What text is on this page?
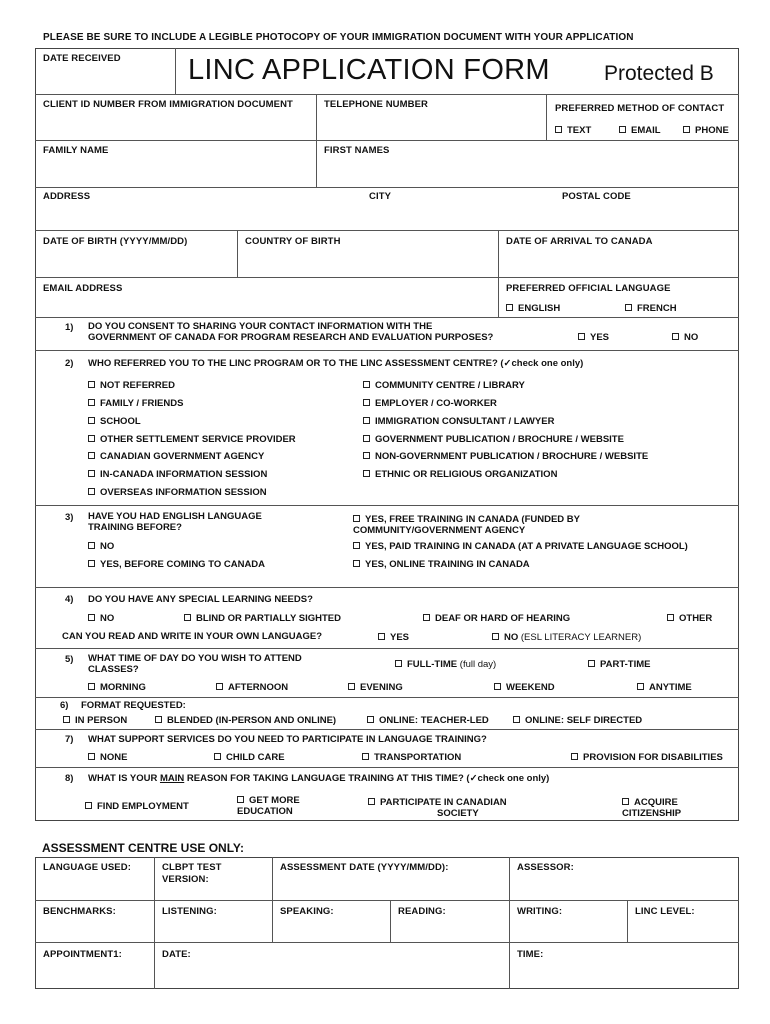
PLEASE BE SURE TO INCLUDE A LEGIBLE PHOTOCOPY OF YOUR IMMIGRATION DOCUMENT WITH YOUR APPLICATION
DATE RECEIVED LINC APPLICATION FORM	Protected B
CLIENT ID NUMBER FROM IMMIGRATION DOCUMENT	TELEPHONE NUMBER	PREFERRED METHOD OF CONTACT
TEXT	EMAIL	PHONE
FAMILY NAME	FIRST NAMES
ADDRESS	CITY	POSTAL CODE
DATE OF BIRTH (YYYY/MM/DD)	COUNTRY OF BIRTH	DATE OF ARRIVAL TO CANADA
EMAIL ADDRESS	PREFERRED OFFICIAL LANGUAGE
ENGLISH	FRENCH
1) DO YOU CONSENT TO SHARING YOUR CONTACT INFORMATION WITH THE
GOVERNMENT OF CANADA FOR PROGRAM RESEARCH AND EVALUATION PURPOSES?	YES	NO
2) WHO REFERRED YOU TO THE LINC PROGRAM OR TO THE LINC ASSESSMENT CENTRE? (✓check one only)
NOT REFERRED
FAMILY / FRIENDS
SCHOOL
OTHER SETTLEMENT SERVICE PROVIDER
CANADIAN GOVERNMENT AGENCY
IN-CANADA INFORMATION SESSION
OVERSEAS INFORMATION SESSION
COMMUNITY CENTRE / LIBRARY
EMPLOYER / CO-WORKER
IMMIGRATION CONSULTANT / LAWYER
GOVERNMENT PUBLICATION / BROCHURE / WEBSITE
NON-GOVERNMENT PUBLICATION / BROCHURE / WEBSITE
ETHNIC OR RELIGIOUS ORGANIZATION
3) HAVE YOU HAD ENGLISH LANGUAGE
TRAINING BEFORE?
NO
YES, BEFORE COMING TO CANADA
YES, FREE TRAINING IN CANADA (FUNDED BY
COMMUNITY/GOVERNMENT AGENCY
YES, PAID TRAINING IN CANADA (AT A PRIVATE LANGUAGE SCHOOL)
YES, ONLINE TRAINING IN CANADA
4) DO YOU HAVE ANY SPECIAL LEARNING NEEDS?
NO	BLIND OR PARTIALLY SIGHTED	DEAF OR HARD OF HEARING	OTHER
CAN YOU READ AND WRITE IN YOUR OWN LANGUAGE?	YES	NO (ESL LITERACY LEARNER)
5) WHAT TIME OF DAY DO YOU WISH TO ATTEND
CLASSES?	FULL-TIME (full day)	PART-TIME
MORNING	AFTERNOON	EVENING	WEEKEND	ANYTIME
6) FORMAT REQUESTED:
IN PERSON	BLENDED (IN-PERSON AND ONLINE)	ONLINE: TEACHER-LED	ONLINE: SELF DIRECTED
7) WHAT SUPPORT SERVICES DO YOU NEED TO PARTICIPATE IN LANGUAGE TRAINING?
NONE	CHILD CARE	TRANSPORTATION	PROVISION FOR DISABILITIES
8) WHAT IS YOUR MAIN REASON FOR TAKING LANGUAGE TRAINING AT THIS TIME? (✓check one only)
FIND EMPLOYMENT
GET MORE
EDUCATION
PARTICIPATE IN CANADIAN
SOCIETY
ACQUIRE
CITIZENSHIP
ASSESSMENT CENTRE USE ONLY:
LANGUAGE USED:	CLBPT TEST
VERSION:
ASSESSMENT DATE (YYYY/MM/DD):	ASSESSOR:
BENCHMARKS:	LISTENING:	SPEAKING:	READING:	WRITING:	LINC LEVEL:
APPOINTMENT1:	DATE:	TIME:
